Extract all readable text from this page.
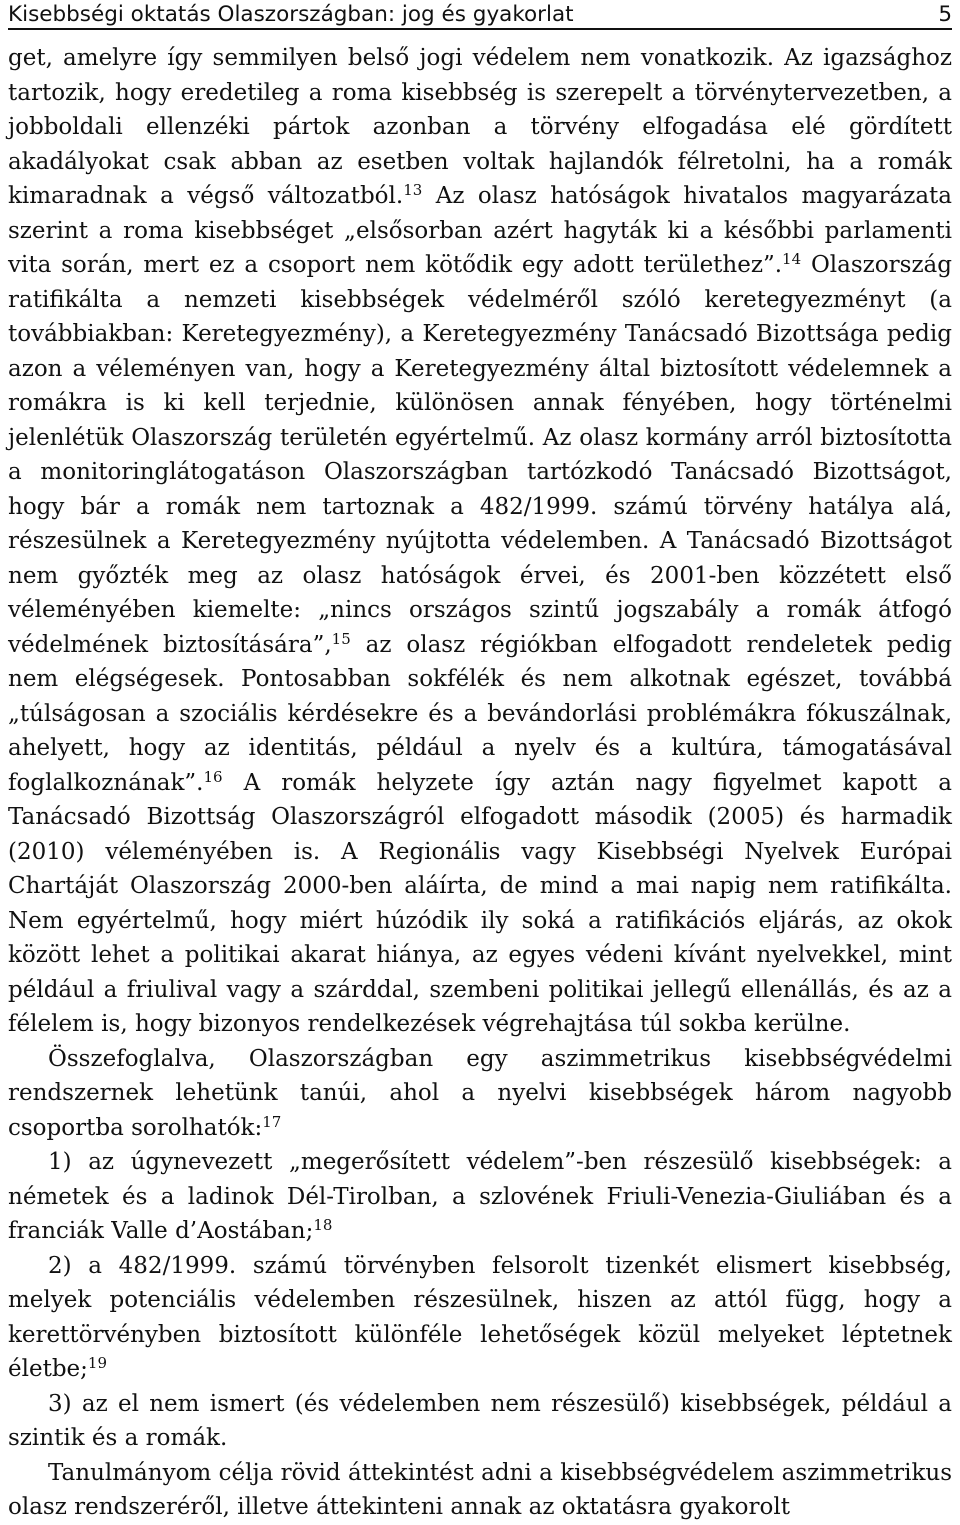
Kisebbségi oktatás Olaszországban: jog és gyakorlat	5

get, amelyre így semmilyen belső jogi védelem nem vonatkozik. Az igazsághoz tartozik, hogy eredetileg a roma kisebbség is szerepelt a törvénytervezetben, a jobboldali ellenzéki pártok azonban a törvény elfogadása elé gördített akadályokat csak abban az esetben voltak hajlandók félretolni, ha a romák kimaradnak a végső változatból.$^{13}$ Az olasz hatóságok hivatalos magyarázata szerint a roma kisebbséget „elsősorban azért hagyták ki a későbbi parlamenti vita során, mert ez a csoport nem kötődik egy adott területhez”.$^{14}$ Olaszország ratifikálta a nemzeti kisebbségek védelméről szóló keretegyezményt (a továbbiakban: Keretegyezmény), a Keretegyezmény Tanácsadó Bizottsága pedig azon a véleményen van, hogy a Keretegyezmény által biztosított védelemnek a romákra is ki kell terjednie, különösen annak fényében, hogy történelmi jelenlétük Olaszország területén egyértelmű. Az olasz kormány arról biztosította a monitoringlátogatáson Olaszországban tartózkodó Tanácsadó Bizottságot, hogy bár a romák nem tartoznak a 482/1999. számú törvény hatálya alá, részesülnek a Keretegyezmény nyújtotta védelemben. A Tanácsadó Bizottságot nem győzték meg az olasz hatóságok érvei, és 2001-ben közzétett első véleményében kiemelte: „nincs országos szintű jogszabály a romák átfogó védelmének biztosítására”,$^{15}$ az olasz régiókban elfogadott rendeletek pedig nem elégségesek. Pontosabban sokfélék és nem alkotnak egészet, továbbá „túlságosan a szociális kérdésekre és a bevándorlási problémákra fókuszálnak, ahelyett, hogy az identitás, például a nyelv és a kultúra, támogatásával foglalkoznának”.$^{16}$ A romák helyzete így aztán nagy figyelmet kapott a Tanácsadó Bizottság Olaszországról elfogadott második (2005) és harmadik (2010) véleményében is. A Regionális vagy Kisebbségi Nyelvek Európai Chartáját Olaszország 2000-ben aláírta, de mind a mai napig nem ratifikálta. Nem egyértelmű, hogy miért húzódik ily soká a ratifikációs eljárás, az okok között lehet a politikai akarat hiánya, az egyes védeni kívánt nyelvekkel, mint például a friulival vagy a szárddal, szembeni politikai jellegű ellenállás, és az a félelem is, hogy bizonyos rendelkezések végrehajtása túl sokba kerülne.

Összefoglalva, Olaszországban egy aszimmetrikus kisebbségvédelmi rendszernek lehetünk tanúi, ahol a nyelvi kisebbségek három nagyobb csoportba sorolhatók:$^{17}$

1) az úgynevezett „megerősített védelem”-ben részesülő kisebbségek: a németek és a ladinok Dél-Tirolban, a szlovének Friuli-Venezia-Giuliában és a franciák Valle d’Aostában;$^{18}$

2) a 482/1999. számú törvényben felsorolt tizenkét elismert kisebbség, melyek potenciális védelemben részesülnek, hiszen az attól függ, hogy a kerettörvényben biztosított különféle lehetőségek közül melyeket léptetnek életbe;$^{19}$

3) az el nem ismert (és védelemben nem részesülő) kisebbségek, például a szintik és a romák.

Tanulmányom célja rövid áttekintést adni a kisebbségvédelem aszimmetrikus olasz rendszeréről, illetve áttekinteni annak az oktatásra gyakorolt
